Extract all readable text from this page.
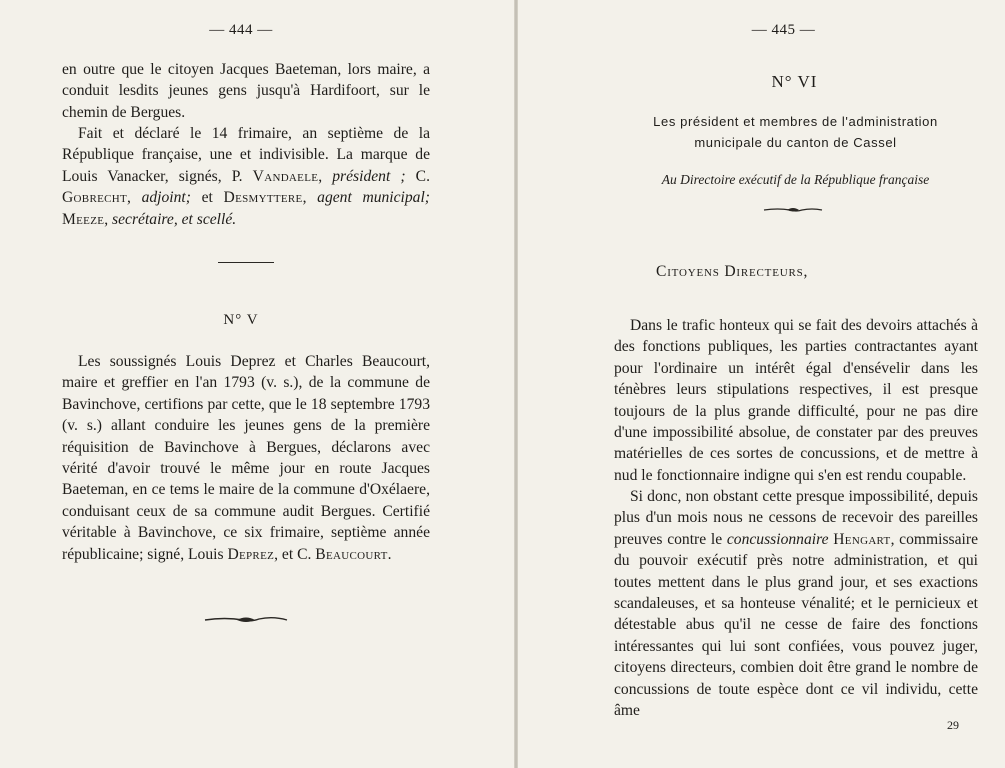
— 444 —

en outre que le citoyen Jacques Baeteman, lors maire, a conduit lesdits jeunes gens jusqu'à Hardifoort, sur le chemin de Bergues.

Fait et déclaré le 14 frimaire, an septième de la République française, une et indivisible. La marque de Louis Vanacker, signés, P. Vandaele, président ; C. Gobrecht, adjoint; et Desmyttere, agent municipal; Meeze, secrétaire, et scellé.

N° V

Les soussignés Louis Deprez et Charles Beaucourt, maire et greffier en l'an 1793 (v. s.), de la commune de Bavinchove, certifions par cette, que le 18 septembre 1793 (v. s.) allant conduire les jeunes gens de la première réquisition de Bavinchove à Bergues, déclarons avec vérité d'avoir trouvé le même jour en route Jacques Baeteman, en ce tems le maire de la commune d'Oxélaere, conduisant ceux de sa commune audit Bergues. Certifié véritable à Bavinchove, ce six frimaire, septième année républicaine; signé, Louis Deprez, et C. Beaucourt.

— 445 —
N° VI
Les président et membres de l'administration
municipale du canton de Cassel
Au Directoire exécutif de la République française
Citoyens Directeurs,

Dans le trafic honteux qui se fait des devoirs attachés à des fonctions publiques, les parties contractantes ayant pour l'ordinaire un intérêt égal d'ensévelir dans les ténèbres leurs stipulations respectives, il est presque toujours de la plus grande difficulté, pour ne pas dire d'une impossibilité absolue, de constater par des preuves matérielles de ces sortes de concussions, et de mettre à nud le fonctionnaire indigne qui s'en est rendu coupable.

Si donc, non obstant cette presque impossibilité, depuis plus d'un mois nous ne cessons de recevoir des pareilles preuves contre le concussionnaire Hengart, commissaire du pouvoir exécutif près notre administration, et qui toutes mettent dans le plus grand jour, et ses exactions scandaleuses, et sa honteuse vénalité; et le pernicieux et détestable abus qu'il ne cesse de faire des fonctions intéressantes qui lui sont confiées, vous pouvez juger, citoyens directeurs, combien doit être grand le nombre de concussions de toute espèce dont ce vil individu, cette âme

29
